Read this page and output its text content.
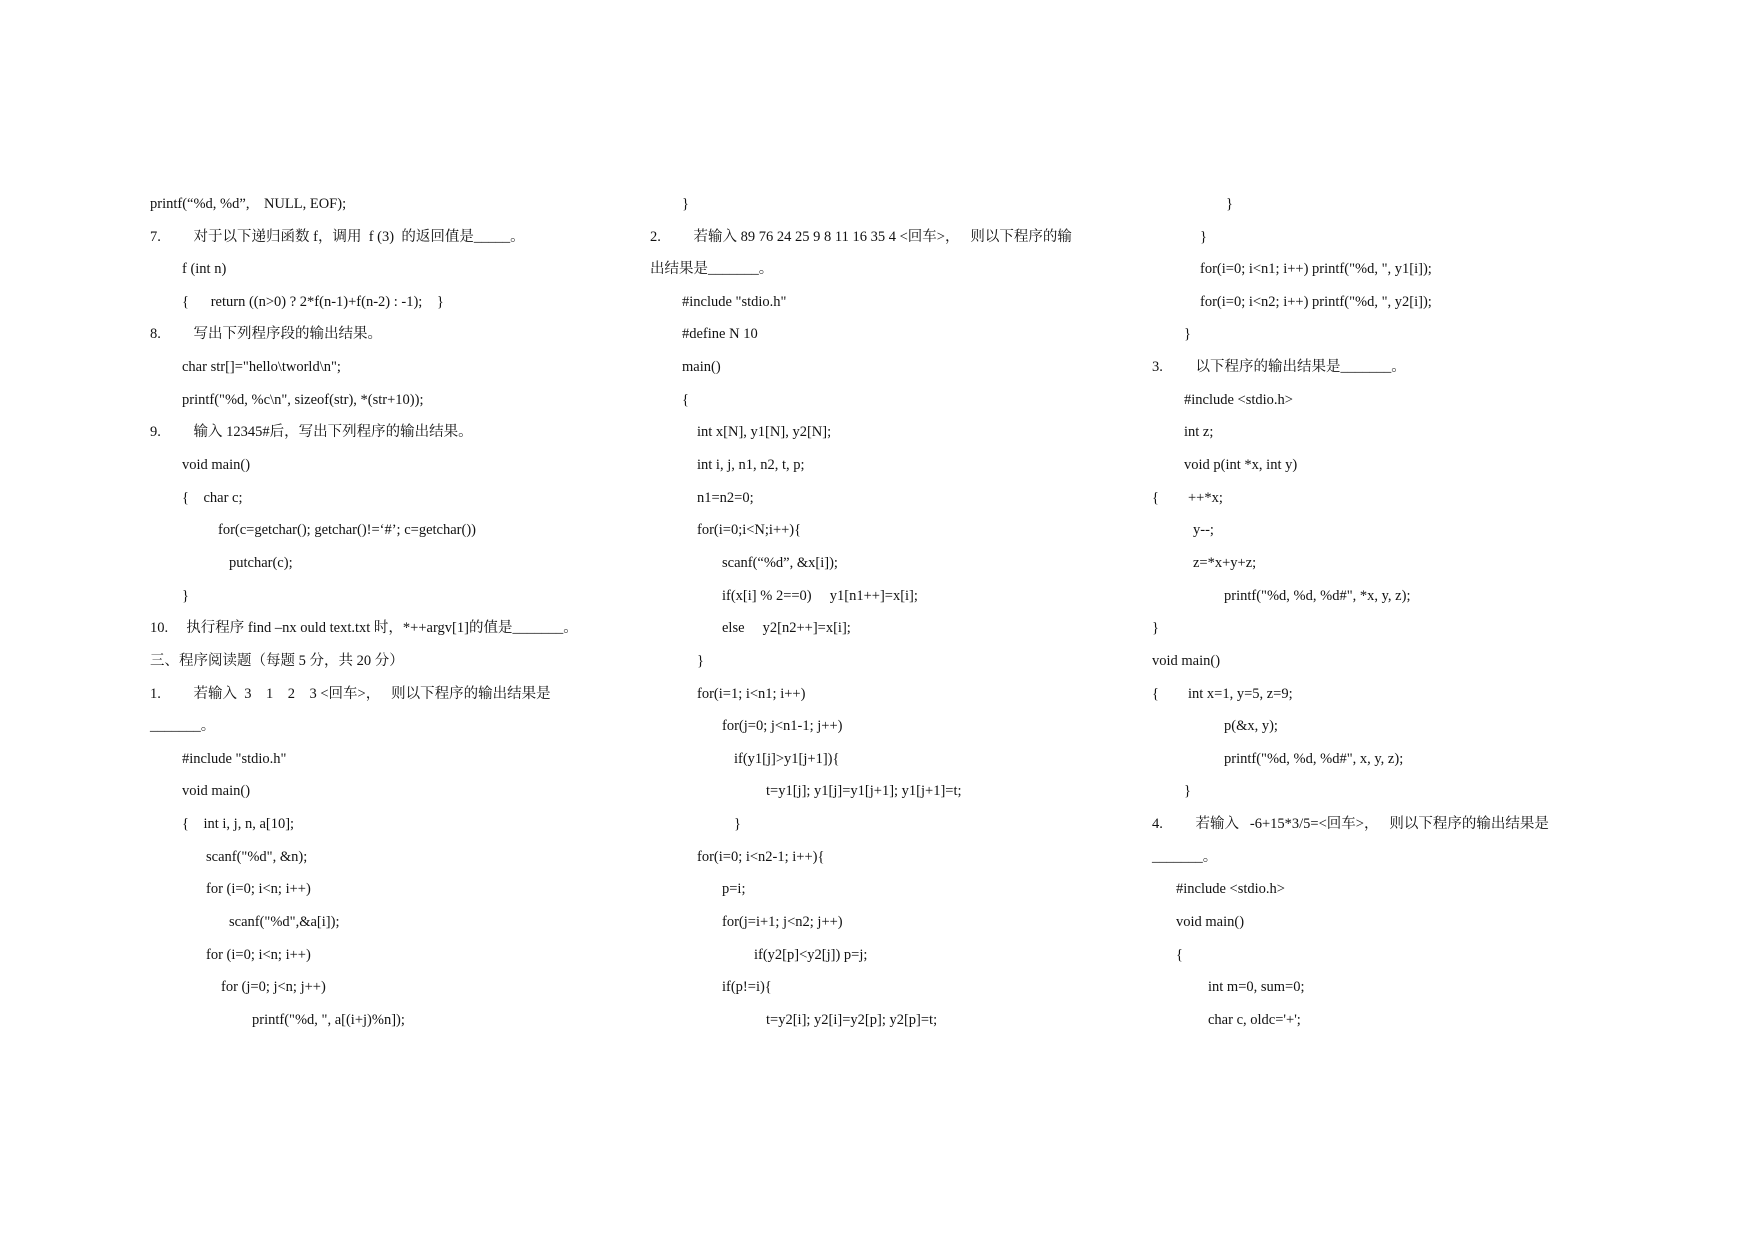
printf(“%d, %d”,    NULL, EOF);
7.         对于以下递归函数 f，调用  f (3)  的返回值是_____。
f (int n)
{      return ((n>0) ? 2*f(n-1)+f(n-2) : -1);    }
8.         写出下列程序段的输出结果。
char str[]="hello\tworld\n";
printf("%d, %c\n", sizeof(str), *(str+10));
9.         输入 12345#后，写出下列程序的输出结果。
void main()
{    char c;
for(c=getchar(); getchar()!=‘#’; c=getchar())
putchar(c);
}
10.     执行程序 find –nx ould text.txt 时，*++argv[1]的值是_______。
三、程序阅读题（每题 5 分，共 20 分）
1.         若输入  3    1    2    3 <回车>，   则以下程序的输出结果是
_______。
#include "stdio.h"
void main()
{    int i, j, n, a[10];
scanf("%d", &n);
for (i=0; i<n; i++)
scanf("%d",&a[i]);
for (i=0; i<n; i++)
for (j=0; j<n; j++)
printf("%d, ", a[(i+j)%n]);
}
2.         若输入 89 76 24 25 9 8 11 16 35 4 <回车>，   则以下程序的输
出结果是_______。
#include "stdio.h"
#define N 10
main()
{
int x[N], y1[N], y2[N];
int i, j, n1, n2, t, p;
n1=n2=0;
for(i=0;i<N;i++){
scanf(“%d”, &x[i]);
if(x[i] % 2==0)     y1[n1++]=x[i];
else     y2[n2++]=x[i];
}
for(i=1; i<n1; i++)
for(j=0; j<n1-1; j++)
if(y1[j]>y1[j+1]){
t=y1[j]; y1[j]=y1[j+1]; y1[j+1]=t;
}
for(i=0; i<n2-1; i++){
p=i;
for(j=i+1; j<n2; j++)
if(y2[p]<y2[j]) p=j;
if(p!=i){
t=y2[i]; y2[i]=y2[p]; y2[p]=t;
}
}
for(i=0; i<n1; i++) printf("%d, ", y1[i]);
for(i=0; i<n2; i++) printf("%d, ", y2[i]);
}
3.         以下程序的输出结果是_______。
#include <stdio.h>
int z;
void p(int *x, int y)
{        ++*x;
y--;
z=*x+y+z;
printf("%d, %d, %d#", *x, y, z);
}
void main()
{        int x=1, y=5, z=9;
p(&x, y);
printf("%d, %d, %d#", x, y, z);
}
4.         若输入   -6+15*3/5=<回车>，   则以下程序的输出结果是
_______。
#include <stdio.h>
void main()
{
int m=0, sum=0;
char c, oldc='+';
